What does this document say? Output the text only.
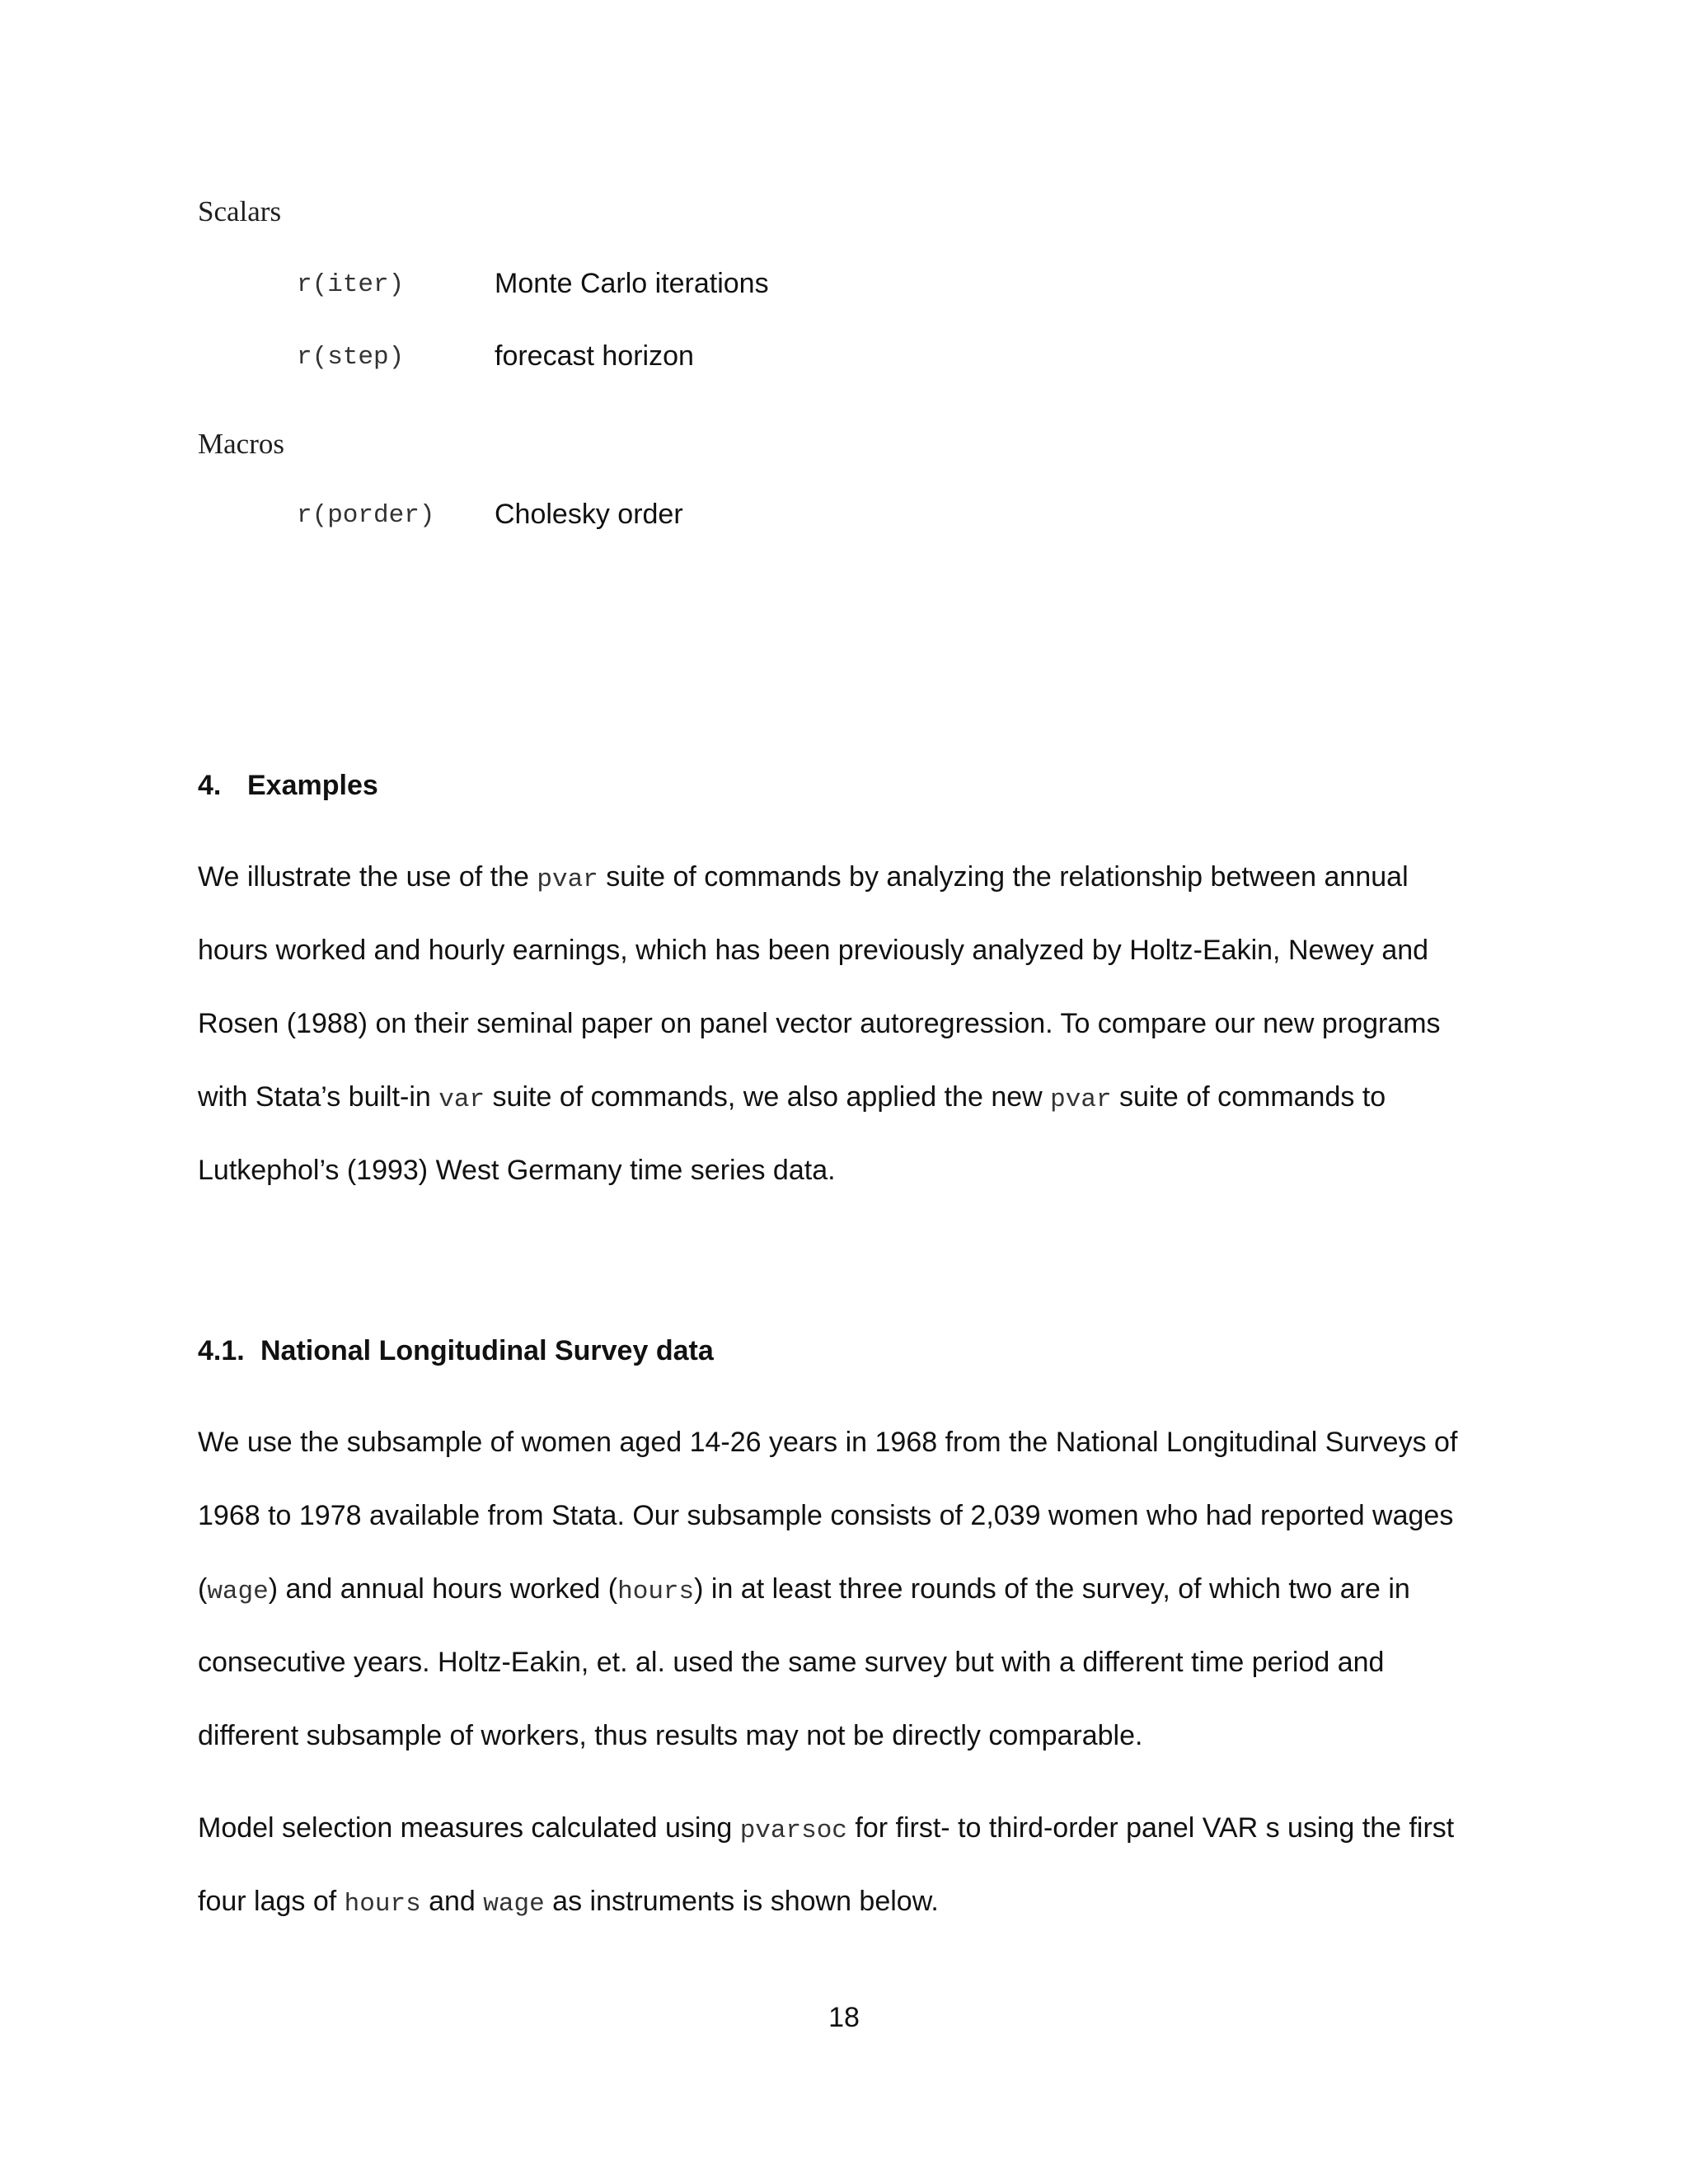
Scalars
r(iter)	Monte Carlo iterations
r(step)	forecast horizon
Macros
r(porder) Cholesky order
4. Examples
We illustrate the use of the pvar suite of commands by analyzing the relationship between annual
hours worked and hourly earnings, which has been previously analyzed by Holtz-Eakin, Newey and
Rosen (1988) on their seminal paper on panel vector autoregression. To compare our new programs
with Stata’s built-in var suite of commands, we also applied the new pvar suite of commands to
Lutkephol’s (1993) West Germany time series data.
4.1. National Longitudinal Survey data
We use the subsample of women aged 14-26 years in 1968 from the National Longitudinal Surveys of
1968 to 1978 available from Stata. Our subsample consists of 2,039 women who had reported wages
(wage) and annual hours worked (hours) in at least three rounds of the survey, of which two are in
consecutive years. Holtz-Eakin, et. al. used the same survey but with a different time period and
different subsample of workers, thus results may not be directly comparable.
Model selection measures calculated using pvarsoc for first- to third-order panel VAR s using the first
four lags of hours and wage as instruments is shown below.
18
